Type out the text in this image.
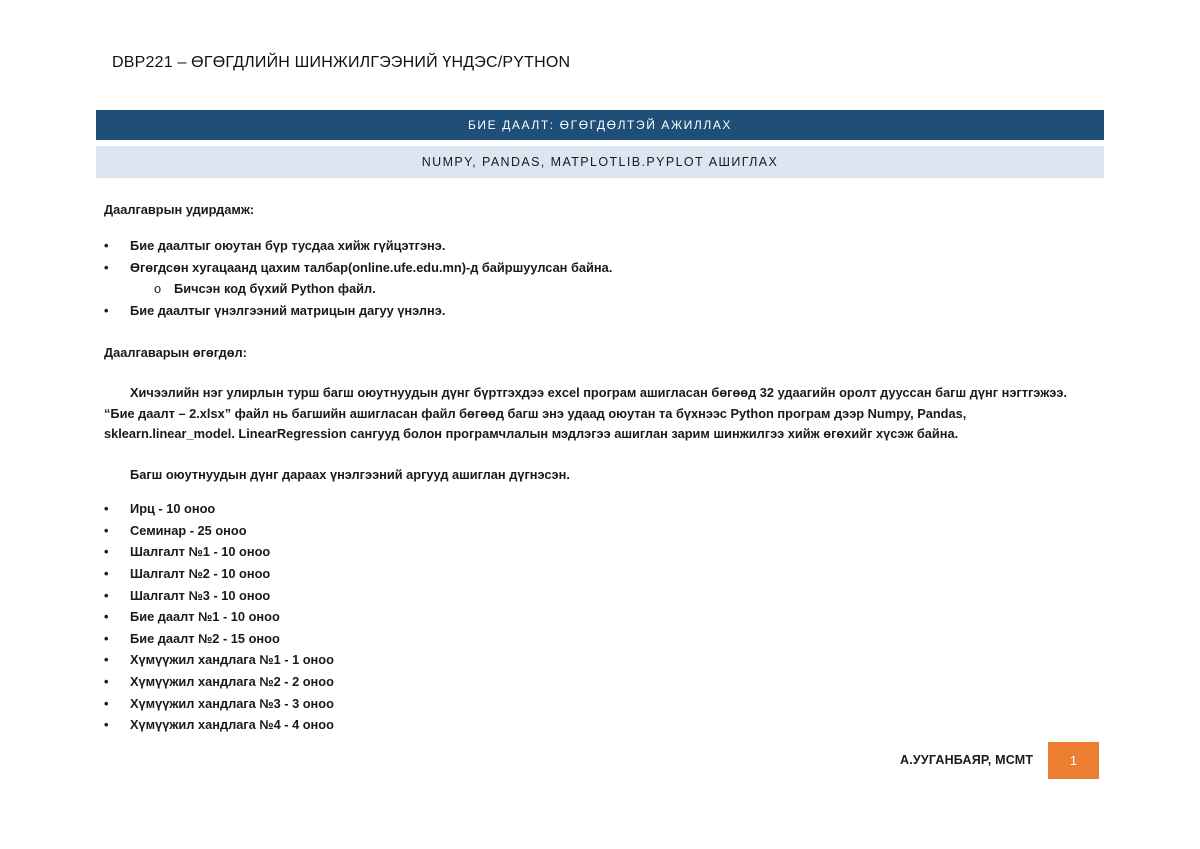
DBP221 – ӨГӨГДЛИЙН ШИНЖИЛГЭЭНИЙ ҮНДЭС/PYTHON
БИЕ ДААЛТ: ӨГӨГДӨЛТЭЙ АЖИЛЛАХ
NUMPY, PANDAS, MATPLOTLIB.PYPLOT АШИГЛАХ
Даалгаврын удирдамж:
• Бие даалтыг оюутан бүр тусдаа хийж гүйцэтгэнэ.
• Өгөгдсөн хугацаанд цахим талбар(online.ufe.edu.mn)-д байршуулсан байна.
o Бичсэн код бүхий Python файл.
• Бие даалтыг үнэлгээний матрицын дагуу үнэлнэ.
Даалгаварын өгөгдөл:

Хичээлийн нэг улирлын турш багш оюутнуудын дүнг бүртгэхдээ excel програм ашигласан бөгөөд 32 удаагийн оролт дууссан багш дүнг нэгтгэжээ. “Бие даалт – 2.xlsx” файл нь багшийн ашигласан файл бөгөөд багш энэ удаад оюутан та бүхнээс Python програм дээр Numpy, Pandas, sklearn.linear_model. LinearRegression сангууд болон програмчлалын мэдлэгээ ашиглан зарим шинжилгээ хийж өгөхийг хүсэж байна.

Багш оюутнуудын дүнг дараах үнэлгээний аргууд ашиглан дүгнэсэн.
• Ирц - 10 оноо
• Семинар - 25 оноо
• Шалгалт №1 - 10 оноо
• Шалгалт №2 - 10 оноо
• Шалгалт №3 - 10 оноо
• Бие даалт №1 - 10 оноо
• Бие даалт №2 - 15 оноо
• Хүмүүжил хандлага №1 - 1 оноо
• Хүмүүжил хандлага №2 - 2 оноо
• Хүмүүжил хандлага №3 - 3 оноо
• Хүмүүжил хандлага №4 - 4 оноо
А.УУГАНБАЯР, МСМТ	1
